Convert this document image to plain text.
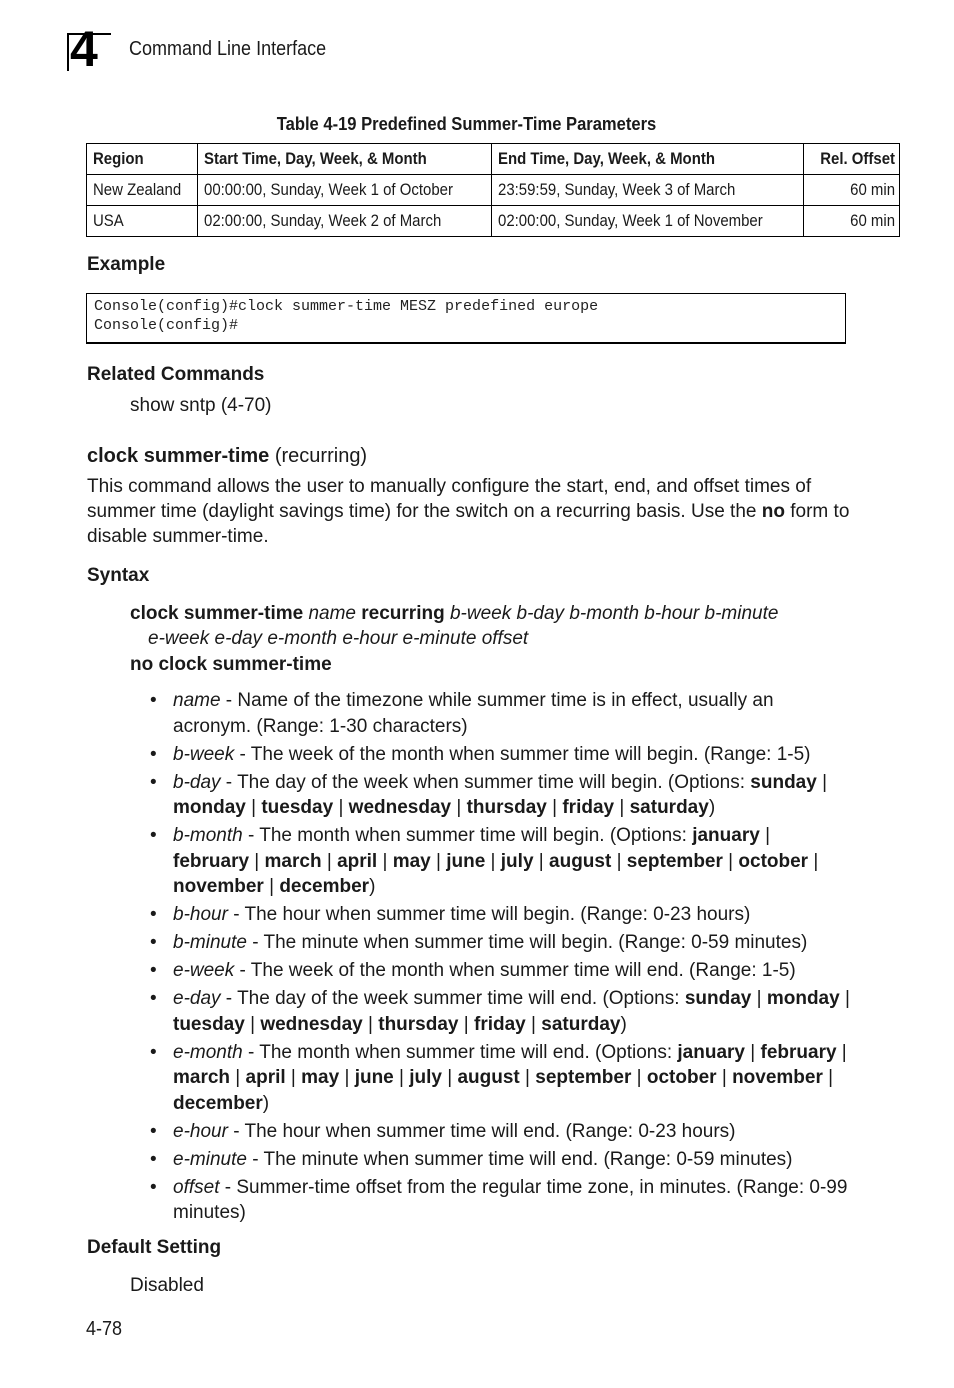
4 Command Line Interface
Table 4-19 Predefined Summer-Time Parameters
Region	Start Time, Day, Week, & Month	End Time, Day, Week, & Month	Rel. Offset
New Zealand	00:00:00, Sunday, Week 1 of October	23:59:59, Sunday, Week 3 of March	60 min
USA	02:00:00, Sunday, Week 2 of March	02:00:00, Sunday, Week 1 of November	60 min
Example
Console(config)#clock summer-time MESZ predefined europe
Console(config)#
Related Commands
show sntp (4-70)
clock summer-time (recurring)
This command allows the user to manually configure the start, end, and offset times of summer time (daylight savings time) for the switch on a recurring basis. Use the no form to disable summer-time.
Syntax
clock summer-time name recurring b-week b-day b-month b-hour b-minute
e-week e-day e-month e-hour e-minute offset
no clock summer-time
• name - Name of the timezone while summer time is in effect, usually an acronym. (Range: 1-30 characters)
• b-week - The week of the month when summer time will begin. (Range: 1-5)
• b-day - The day of the week when summer time will begin. (Options: sunday | monday | tuesday | wednesday | thursday | friday | saturday)
• b-month - The month when summer time will begin. (Options: january | february | march | april | may | june | july | august | september | october | november | december)
• b-hour - The hour when summer time will begin. (Range: 0-23 hours)
• b-minute - The minute when summer time will begin. (Range: 0-59 minutes)
• e-week - The week of the month when summer time will end. (Range: 1-5)
• e-day - The day of the week summer time will end. (Options: sunday | monday | tuesday | wednesday | thursday | friday | saturday)
• e-month - The month when summer time will end. (Options: january | february | march | april | may | june | july | august | september | october | november | december)
• e-hour - The hour when summer time will end. (Range: 0-23 hours)
• e-minute - The minute when summer time will end. (Range: 0-59 minutes)
• offset - Summer-time offset from the regular time zone, in minutes. (Range: 0-99 minutes)
Default Setting
Disabled
4-78
